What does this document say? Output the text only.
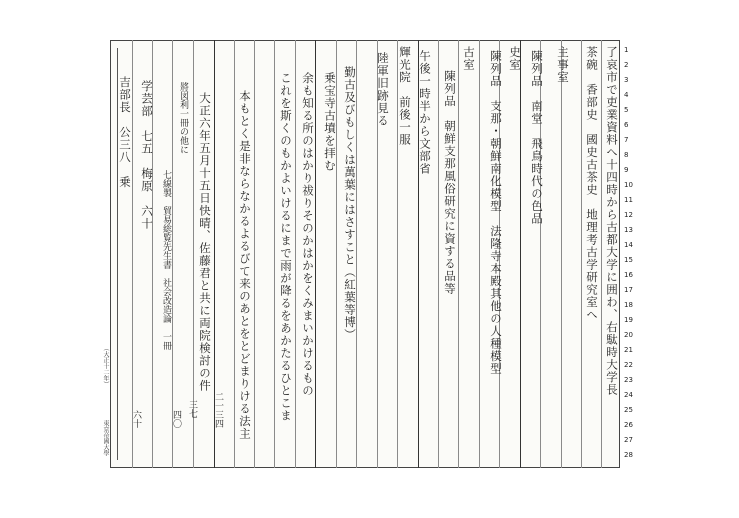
1
2
3
4
5
6
7
8
9
10
11
12
13
14
15
16
17
18
19
20
21
22
23
24
25
26
27
28
了哀市で吏業資料へ十四時から古都大学に囲わ、右駄時大学長
茶碗　香部史　國史古茶史　地理考古学研究室へ
主事室
陳列品　南堂　飛鳥時代の色品
史室
陳列品　支那・朝鮮南化模型　法隆寺本殿其他の人種模型
古室
陳列品　朝鮮支那風俗研究に資する品等
午後一時半から文部省
輝光院　前後一服
陸軍旧跡見る
勤古及びもしくは萬葉にはさすこと（紅葉等博）
乗宝寺古墳を拝む
余も知る所のはかり祓りそのかはかをくみまいかけるもの
これを斯くのもかよいけるにまで雨が降るをあかたるひとこま
本もとく是非ならなかるよるびて来のあとをとどまりける法主
大正六年五月十五日快晴、佐藤君と共に両院検討の件
將図利一冊の他に
七線製　貿易総覧先生書　社会改造論　一冊
学芸部　七五　梅原　六十
吉部長　公三八　乗
二一三四
三七
四〇
六十
（大正十二年）
東京帝國大學
